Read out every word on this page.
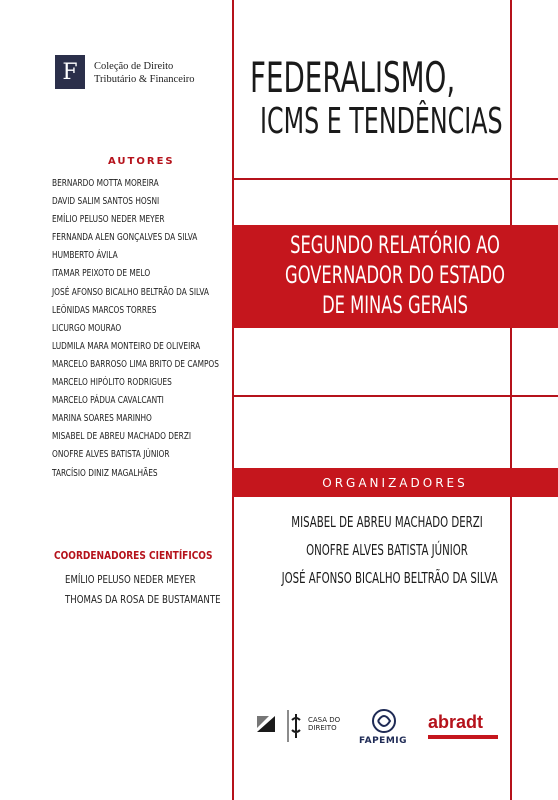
F Coleção de Direito
Tributário & Financeiro
AUTORES
BERNARDO MOTTA MOREIRA
DAVID SALIM SANTOS HOSNI
EMÍLIO PELUSO NEDER MEYER
FERNANDA ALEN GONÇALVES DA SILVA
HUMBERTO ÁVILA
ITAMAR PEIXOTO DE MELO
JOSÉ AFONSO BICALHO BELTRÃO DA SILVA
LEÔNIDAS MARCOS TORRES
LICURGO MOURÃO
LUDMILA MARA MONTEIRO DE OLIVEIRA
MARCELO BARROSO LIMA BRITO DE CAMPOS
MARCELO HIPÓLITO RODRIGUES
MARCELO PÁDUA CAVALCANTI
MARINA SOARES MARINHO
MISABEL DE ABREU MACHADO DERZI
ONOFRE ALVES BATISTA JÚNIOR
TARCÍSIO DINIZ MAGALHÃES
COORDENADORES CIENTÍFICOS
EMÍLIO PELUSO NEDER MEYER
THOMAS DA ROSA DE BUSTAMANTE
FEDERALISMO,
ICMS E TENDÊNCIAS
SEGUNDO RELATÓRIO AO
GOVERNADOR DO ESTADO
DE MINAS GERAIS
ORGANIZADORES
MISABEL DE ABREU MACHADO DERZI
ONOFRE ALVES BATISTA JÚNIOR
JOSÉ AFONSO BICALHO BELTRÃO DA SILVA
CASA DO
DIREITO
FAPEMIG
abradt
